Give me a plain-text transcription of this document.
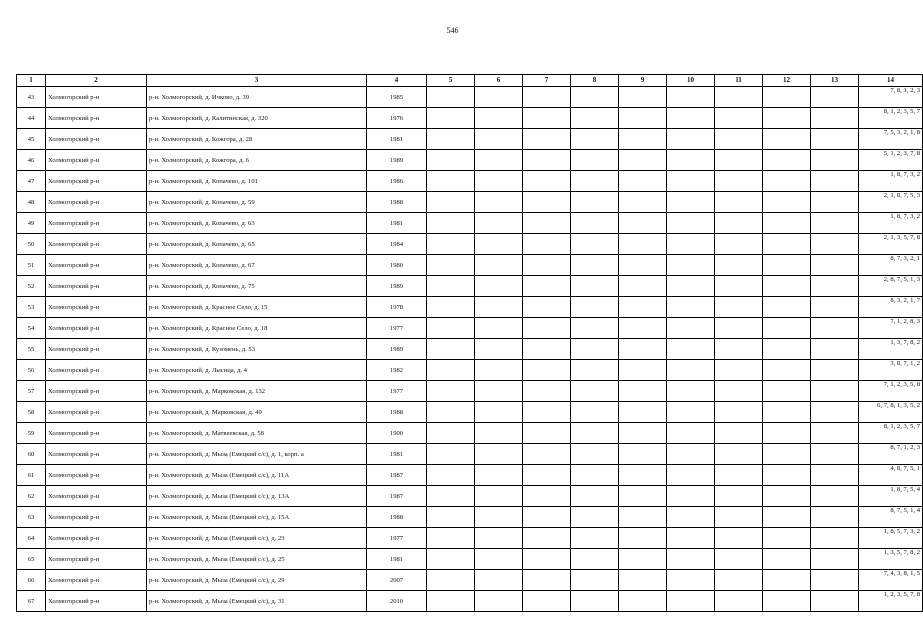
546
1	2	3	4	5	6	7	8	9	10	11	12	13	14
43	Холмогорский р-н	р-н. Холмогорский, д. Ичково, д. 39	1985										7, 8, 1, 2, 3
44	Холмогорский р-н	р-н. Холмогорский, д. Калитинская, д. 320	1976										8, 1, 2, 3, 5, 7
45	Холмогорский р-н	р-н. Холмогорский, д. Кожгора, д. 28	1981										7, 5, 3, 2, 1, 8
46	Холмогорский р-н	р-н. Холмогорский, д. Кожгора, д. 6	1989										5, 1, 2, 3, 7, 8
47	Холмогорский р-н	р-н. Холмогорский, д. Копачево, д. 101	1986										1, 8, 7, 3, 2
48	Холмогорский р-н	р-н. Холмогорский, д. Копачево, д. 59	1988										2, 1, 8, 7, 5, 3
49	Холмогорский р-н	р-н. Холмогорский, д. Копачево, д. 63	1981										1, 8, 7, 3, 2
50	Холмогорский р-н	р-н. Холмогорский, д. Копачево, д. 65	1984										2, 1, 3, 5, 7, 8
51	Холмогорский р-н	р-н. Холмогорский, д. Копачево, д. 67	1980										8, 7, 3, 2, 1
52	Холмогорский р-н	р-н. Холмогорский, д. Копачево, д. 75	1989										2, 8, 7, 5, 1, 3
53	Холмогорский р-н	р-н. Холмогорский, д. Красное Село, д. 15	1978										8, 3, 2, 1, 7
54	Холмогорский р-н	р-н. Холмогорский, д. Красное Село, д. 18	1977										7, 1, 2, 8, 3
55	Холмогорский р-н	р-н. Холмогорский, д. Кузомень, д. 53	1989										1, 3, 7, 8, 2
56	Холмогорский р-н	р-н. Холмогорский, д. Лысица, д. 4	1982										3, 8, 7, 1, 2
57	Холмогорский р-н	р-н. Холмогорский, д. Марковская, д. 132	1977										7, 1, 2, 3, 5, 8
58	Холмогорский р-н	р-н. Холмогорский, д. Марковская, д. 49	1988										6, 7, 8, 1, 3, 5, 2
59	Холмогорский р-н	р-н. Холмогорский, д. Матвеевская, д. 58	1900										8, 1, 2, 3, 5, 7
60	Холмогорский р-н	р-н. Холмогорский, д. Мыза (Емецкий с/с), д. 1, корп. а	1981										8, 7, 1, 2, 3
61	Холмогорский р-н	р-н. Холмогорский, д. Мыза (Емецкий с/с), д. 11А	1987										4, 8, 7, 5, 1
62	Холмогорский р-н	р-н. Холмогорский, д. Мыза (Емецкий с/с), д. 13А	1987										1, 8, 7, 5, 4
63	Холмогорский р-н	р-н. Холмогорский, д. Мыза (Емецкий с/с), д. 15А	1988										8, 7, 5, 1, 4
64	Холмогорский р-н	р-н. Холмогорский, д. Мыза (Емецкий с/с), д. 23	1977										1, 8, 5, 7, 3, 2
65	Холмогорский р-н	р-н. Холмогорский, д. Мыза (Емецкий с/с), д. 25	1981										1, 3, 5, 7, 8, 2
66	Холмогорский р-н	р-н. Холмогорский, д. Мыза (Емецкий с/с), д. 29	2007										7, 4, 3, 8, 1, 5
67	Холмогорский р-н	р-н. Холмогорский, д. Мыза (Емецкий с/с), д. 31	2010										1, 2, 3, 5, 7, 8
